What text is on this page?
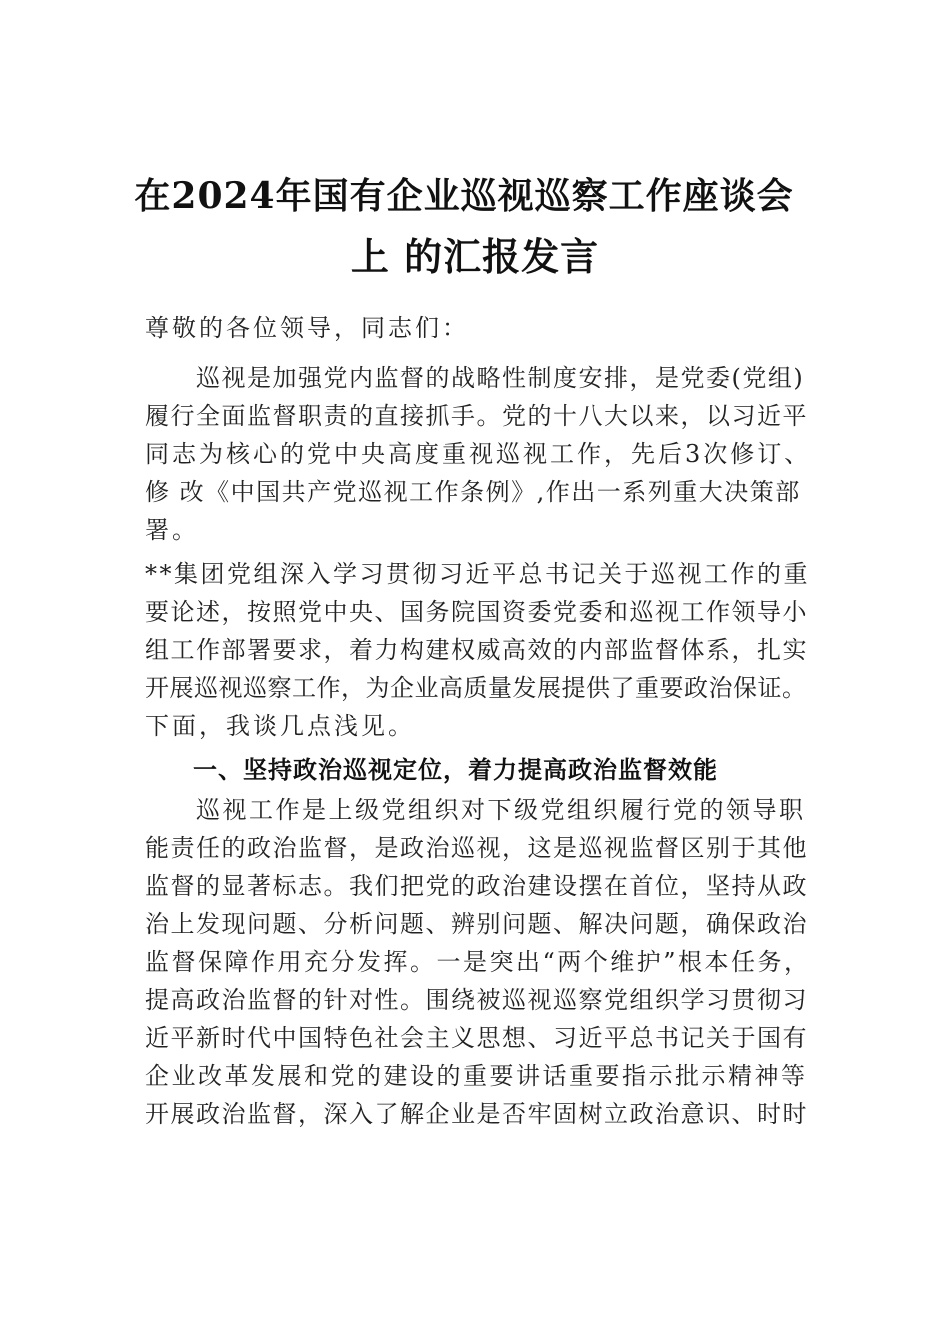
在2024年国有企业巡视巡察工作座谈会
上 的汇报发言
尊敬的各位领导，同志们：
巡视是加强党内监督的战略性制度安排，是党委(党组)
履行全面监督职责的直接抓手。党的十八大以来，以习近平
同志为核心的党中央高度重视巡视工作，先后3次修订、
修 改《中国共产党巡视工作条例》,作出一系列重大决策部
署。
**集团党组深入学习贯彻习近平总书记关于巡视工作的重
要论述，按照党中央、国务院国资委党委和巡视工作领导小
组工作部署要求，着力构建权威高效的内部监督体系，扎实
开展巡视巡察工作，为企业高质量发展提供了重要政治保证。
下面，我谈几点浅见。
一、坚持政治巡视定位，着力提高政治监督效能
巡视工作是上级党组织对下级党组织履行党的领导职
能责任的政治监督，是政治巡视，这是巡视监督区别于其他
监督的显著标志。我们把党的政治建设摆在首位，坚持从政
治上发现问题、分析问题、辨别问题、解决问题，确保政治
监督保障作用充分发挥。一是突出“两个维护”根本任务，
提高政治监督的针对性。围绕被巡视巡察党组织学习贯彻习
近平新时代中国特色社会主义思想、习近平总书记关于国有
企业改革发展和党的建设的重要讲话重要指示批示精神等
开展政治监督，深入了解企业是否牢固树立政治意识、时时
